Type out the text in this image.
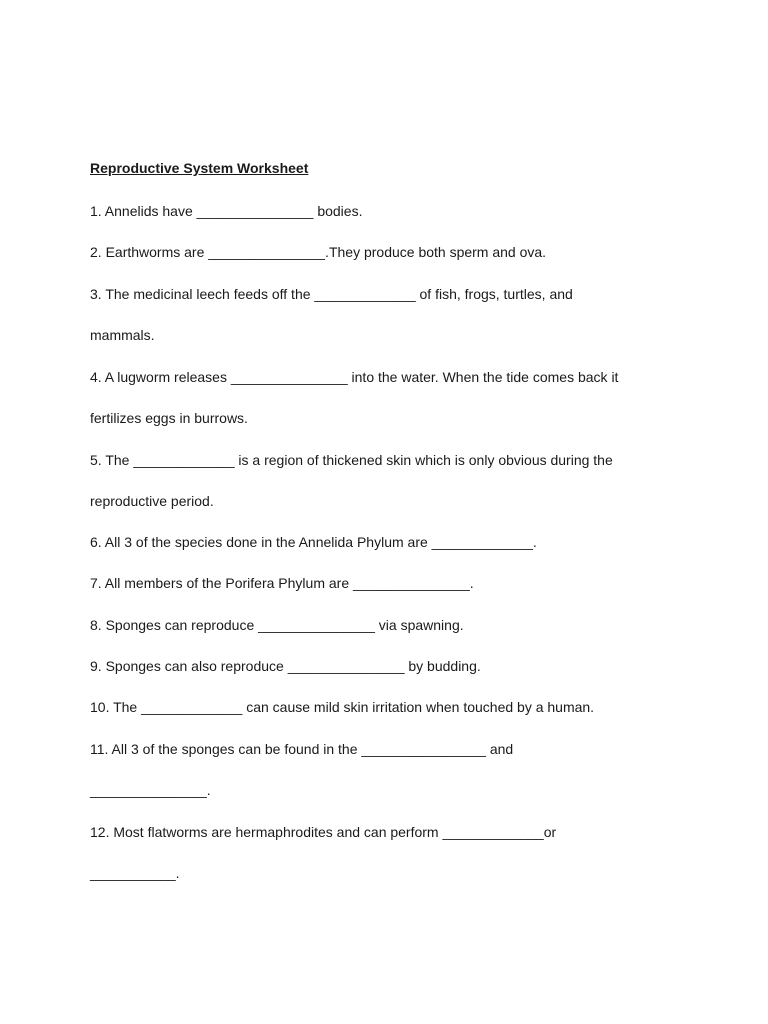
Reproductive System Worksheet
1. Annelids have _______________ bodies.
2. Earthworms are _______________.They produce both sperm and ova.
3. The medicinal leech feeds off the _____________ of fish, frogs, turtles, and
mammals.
4. A lugworm releases _______________ into the water. When the tide comes back it
fertilizes eggs in burrows.
5. The _____________ is a region of thickened skin which is only obvious during the
reproductive period.
6. All 3 of the species done in the Annelida Phylum are _____________.
7. All members of the Porifera Phylum are _______________.
8. Sponges can reproduce _______________ via spawning.
9. Sponges can also reproduce _______________ by budding.
10. The _____________ can cause mild skin irritation when touched by a human.
11. All 3 of the sponges can be found in the ________________ and
_______________.
12. Most flatworms are hermaphrodites and can perform _____________or
___________.
